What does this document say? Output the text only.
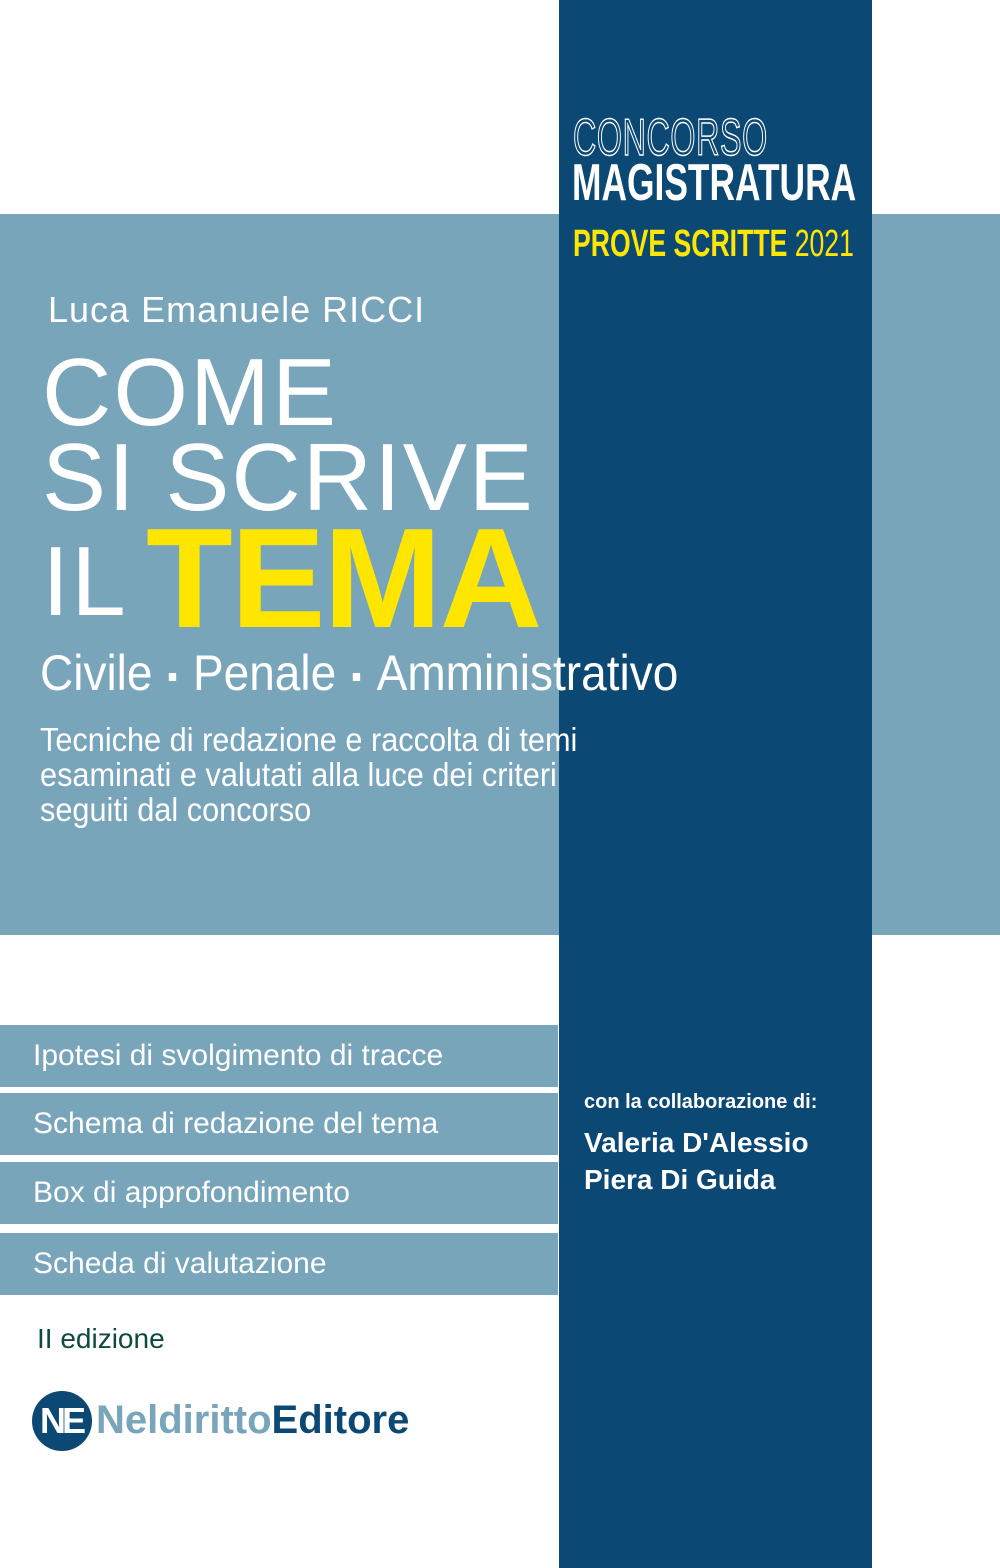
CONCORSO
MAGISTRATURA
PROVE SCRITTE 2021
Luca Emanuele RICCI
COME
SI SCRIVE
IL TEMA
Civile Penale Amministrativo
Tecniche di redazione e raccolta di temi
esaminati e valutati alla luce dei criteri
seguiti dal concorso
Ipotesi di svolgimento di tracce
Schema di redazione del tema
Box di approfondimento
Scheda di valutazione
con la collaborazione di:
Valeria D'Alessio
Piera Di Guida
II edizione
NE NeldirittoEditore
